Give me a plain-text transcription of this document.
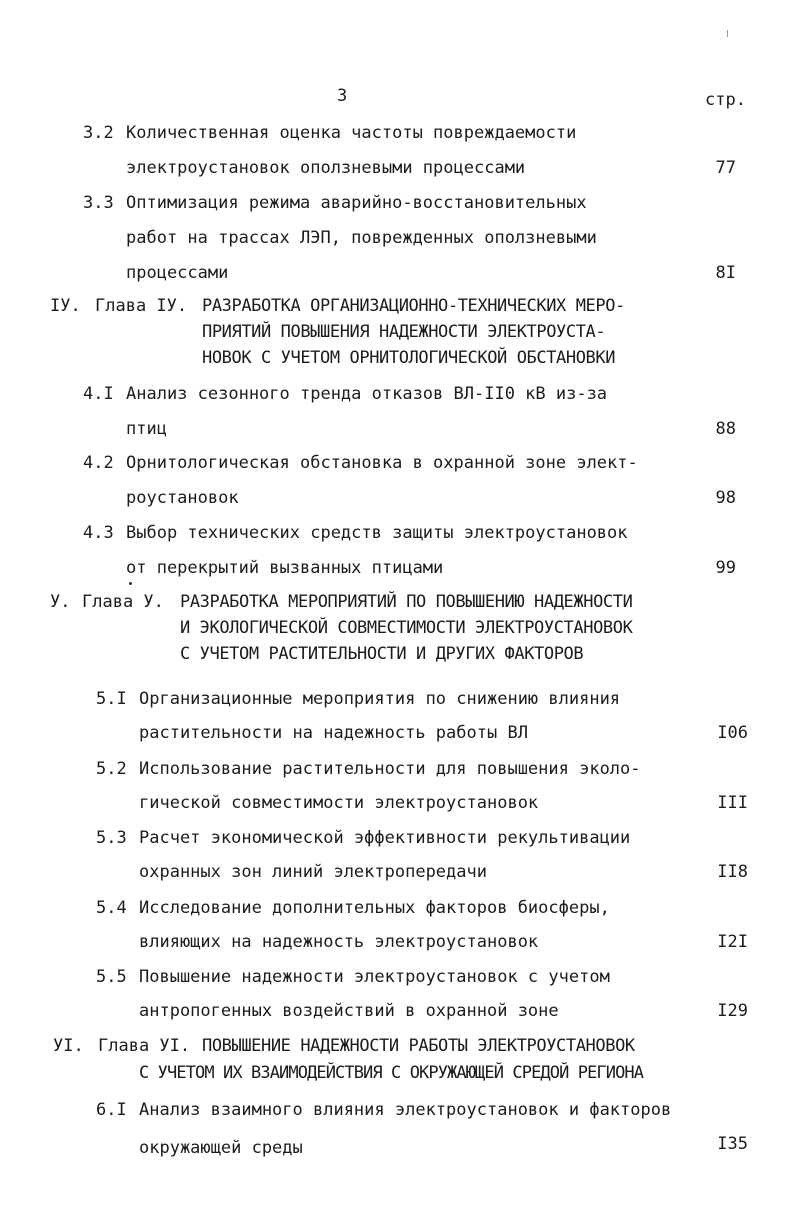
3	стр.
3.2 Количественная оценка частоты повреждаемости
электроустановок оползневыми процессами	77
3.3 Оптимизация режима аварийно-восстановительных
работ на трассах ЛЭП, поврежденных оползневыми
процессами	8I
IУ. Глава IУ. РАЗРАБОТКА ОРГАНИЗАЦИОННО-ТЕХНИЧЕСКИХ МЕРО-
ПРИЯТИЙ ПОВЫШЕНИЯ НАДЕЖНОСТИ ЭЛЕКТРОУСТА-
НОВОК С УЧЕТОМ ОРНИТОЛОГИЧЕСКОЙ ОБСТАНОВКИ
4.I Анализ сезонного тренда отказов ВЛ-II0 кВ из-за
птиц	88
4.2 Орнитологическая обстановка в охранной зоне элект-
роустановок	98
4.3 Выбор технических средств защиты электроустановок
от перекрытий вызванных птицами	99
У. Глава У. РАЗРАБОТКА МЕРОПРИЯТИЙ ПО ПОВЫШЕНИЮ НАДЕЖНОСТИ
И ЭКОЛОГИЧЕСКОЙ СОВМЕСТИМОСТИ ЭЛЕКТРОУСТАНОВОК
С УЧЕТОМ РАСТИТЕЛЬНОСТИ И ДРУГИХ ФАКТОРОВ
5.I Организационные мероприятия по снижению влияния
растительности на надежность работы ВЛ	I06
5.2 Использование растительности для повышения эколо-
гической совместимости электроустановок	III
5.3 Расчет экономической эффективности рекультивации
охранных зон линий электропередачи	II8
5.4 Исследование дополнительных факторов биосферы,
влияющих на надежность электроустановок	I2I
5.5 Повышение надежности электроустановок с учетом
антропогенных воздействий в охранной зоне	I29
УI. Глава УI. ПОВЫШЕНИЕ НАДЕЖНОСТИ РАБОТЫ ЭЛЕКТРОУСТАНОВОК
С УЧЕТОМ ИХ ВЗАИМОДЕЙСТВИЯ С ОКРУЖАЮЩЕЙ СРЕДОЙ РЕГИОНА
6.I Анализ взаимного влияния электроустановок и факторов
окружающей среды	I35
